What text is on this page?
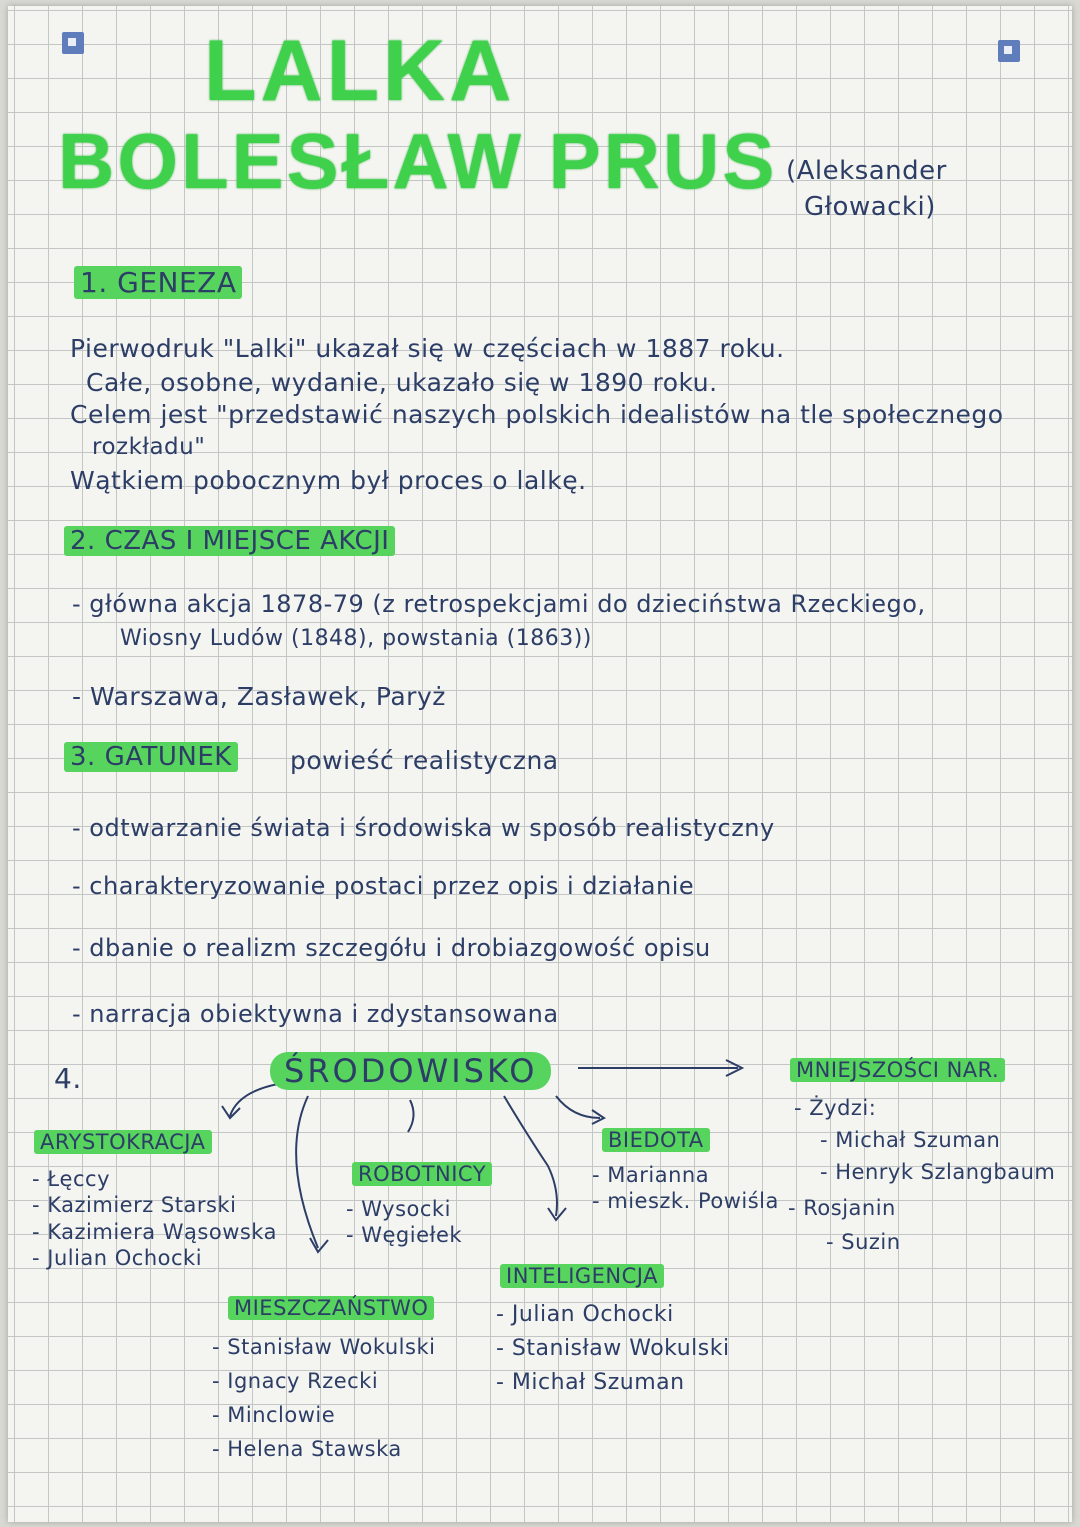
LALKA
BOLESŁAW PRUS (Aleksander
Głowacki)
1. GENEZA
Pierwodruk "Lalki" ukazał się w częściach w 1887 roku.
Całe, osobne, wydanie, ukazało się w 1890 roku.
Celem jest "przedstawić naszych polskich idealistów na tle społecznego
rozkładu"
Wątkiem pobocznym był proces o lalkę.
2. CZAS I MIEJSCE AKCJI
- główna akcja 1878-79 (z retrospekcjami do dzieciństwa Rzeckiego,
Wiosny Ludów (1848), powstania (1863))
- Warszawa, Zasławek, Paryż
3. GATUNEK powieść realistyczna
- odtwarzanie świata i środowiska w sposób realistyczny
- charakteryzowanie postaci przez opis i działanie
- dbanie o realizm szczegółu i drobiazgowość opisu
- narracja obiektywna i zdystansowana
4.	ŚRODOWISKO
ARYSTOKRACJA
- Łęccy
- Kazimierz Starski
- Kazimiera Wąsowska
- Julian Ochocki
ROBOTNICY
- Wysocki
- Węgiełek
BIEDOTA
- Marianna
- mieszk. Powiśla
MNIEJSZOŚCI NAR.
- Żydzi:
- Michał Szuman
- Henryk Szlangbaum
- Rosjanin
- Suzin
MIESZCZAŃSTWO
- Stanisław Wokulski
- Ignacy Rzecki
- Minclowie
- Helena Stawska
INTELIGENCJA
- Julian Ochocki
- Stanisław Wokulski
- Michał Szuman
